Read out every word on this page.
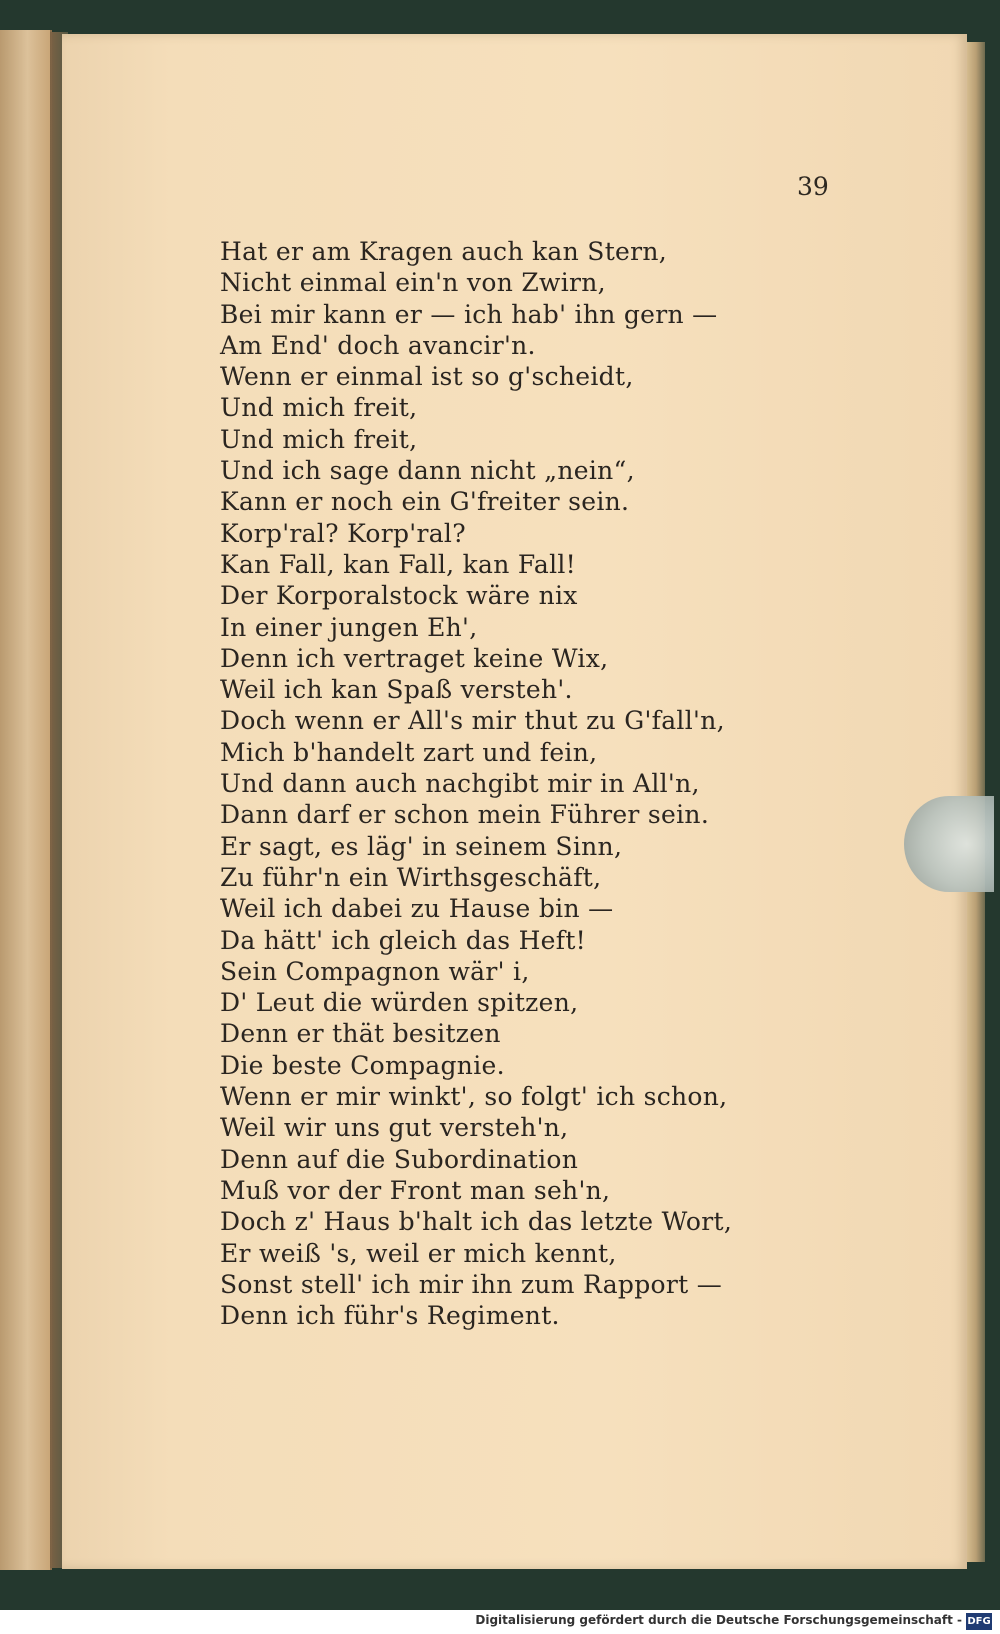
39
Hat er am Kragen auch kan Stern,
Nicht einmal ein'n von Zwirn,
Bei mir kann er — ich hab' ihn gern —
Am End' doch avancir'n.
Wenn er einmal ist so g'scheidt,
Und mich freit,
Und mich freit,
Und ich sage dann nicht „nein“,
Kann er noch ein G'freiter sein.
Korp'ral? Korp'ral?
Kan Fall, kan Fall, kan Fall!
Der Korporalstock wäre nix
In einer jungen Eh',
Denn ich vertraget keine Wix,
Weil ich kan Spaß versteh'.
Doch wenn er All's mir thut zu G'fall'n,
Mich b'handelt zart und fein,
Und dann auch nachgibt mir in All'n,
Dann darf er schon mein Führer sein.
Er sagt, es läg' in seinem Sinn,
Zu führ'n ein Wirthsgeschäft,
Weil ich dabei zu Hause bin —
Da hätt' ich gleich das Heft!
Sein Compagnon wär' i,
D' Leut die würden spitzen,
Denn er thät besitzen
Die beste Compagnie.
Wenn er mir winkt', so folgt' ich schon,
Weil wir uns gut versteh'n,
Denn auf die Subordination
Muß vor der Front man seh'n,
Doch z' Haus b'halt ich das letzte Wort,
Er weiß 's, weil er mich kennt,
Sonst stell' ich mir ihn zum Rapport —
Denn ich führ's Regiment.
Digitalisierung gefördert durch die Deutsche Forschungsgemeinschaft - DFG
